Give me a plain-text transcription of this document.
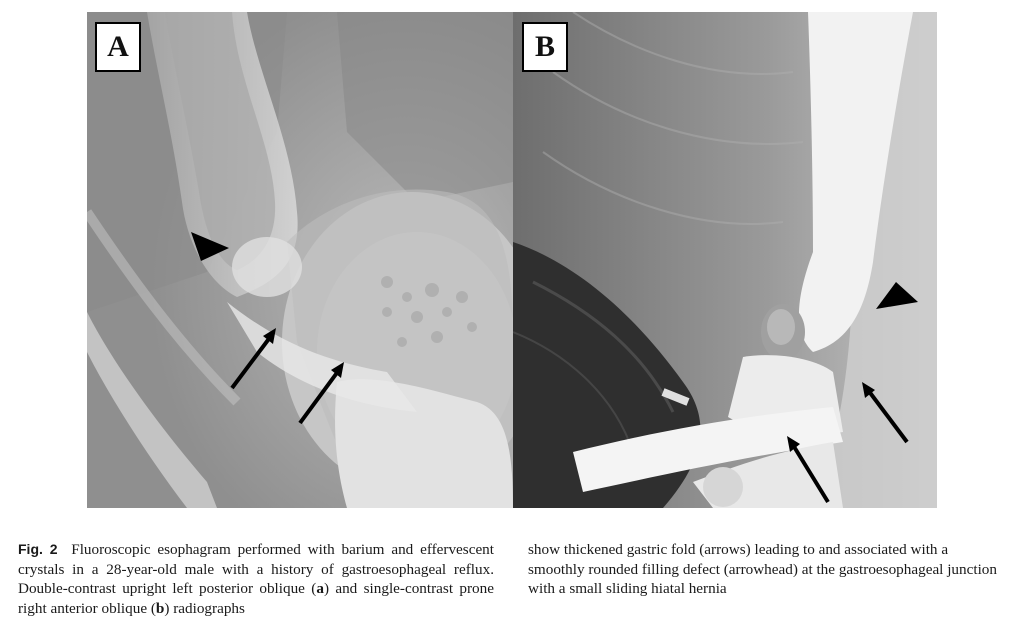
A	B
Fig. 2 Fluoroscopic esophagram performed with barium and effervescent crystals in a 28-year-old male with a history of gastroesophageal reflux. Double-contrast upright left posterior oblique (a) and single-contrast prone right anterior oblique (b) radiographs
show thickened gastric fold (arrows) leading to and associated with a smoothly rounded filling defect (arrowhead) at the gastroesophageal junction with a small sliding hiatal hernia
